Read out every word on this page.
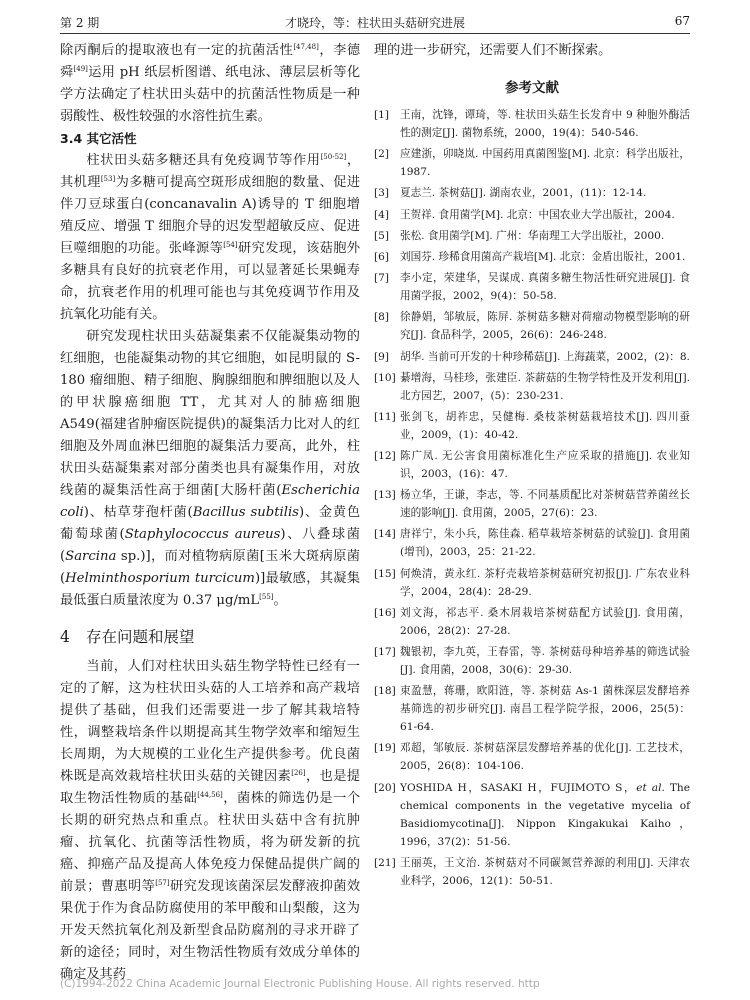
第 2 期	才晓玲，等：柱状田头菇研究进展	67

除丙酮后的提取液也有一定的抗菌活性[47,48]，李德舜[49]运用 pH 纸层析图谱、纸电泳、薄层层析等化学方法确定了柱状田头菇中的抗菌活性物质是一种弱酸性、极性较强的水溶性抗生素。

3.4 其它活性

柱状田头菇多糖还具有免疫调节等作用[50-52]，其机理[53]为多糖可提高空斑形成细胞的数量、促进伴刀豆球蛋白(concanavalin A)诱导的 T 细胞增殖反应、增强 T 细胞介导的迟发型超敏反应、促进巨噬细胞的功能。张峰源等[54]研究发现，该菇胞外多糖具有良好的抗衰老作用，可以显著延长果蝇寿命，抗衰老作用的机理可能也与其免疫调节作用及抗氧化功能有关。

研究发现柱状田头菇凝集素不仅能凝集动物的红细胞，也能凝集动物的其它细胞，如昆明鼠的 S-180 瘤细胞、精子细胞、胸腺细胞和脾细胞以及人的甲状腺癌细胞 TT，尤其对人的肺癌细胞 A549(福建省肿瘤医院提供)的凝集活力比对人的红细胞及外周血淋巴细胞的凝集活力要高，此外，柱状田头菇凝集素对部分菌类也具有凝集作用，对放线菌的凝集活性高于细菌[大肠杆菌(Escherichia coli)、枯草芽孢杆菌(Bacillus subtilis)、金黄色葡萄球菌(Staphylococcus aureus)、八叠球菌(Sarcina sp.)]，而对植物病原菌[玉米大斑病原菌(Helminthosporium turcicum)]最敏感，其凝集最低蛋白质量浓度为 0.37 μg/mL[55]。

4 存在问题和展望

当前，人们对柱状田头菇生物学特性已经有一定的了解，这为柱状田头菇的人工培养和高产栽培提供了基础，但我们还需要进一步了解其栽培特性，调整栽培条件以期提高其生物学效率和缩短生长周期，为大规模的工业化生产提供参考。优良菌株既是高效栽培柱状田头菇的关键因素[26]，也是提取生物活性物质的基础[44,56]，菌株的筛选仍是一个长期的研究热点和重点。柱状田头菇中含有抗肿瘤、抗氧化、抗菌等活性物质，将为研发新的抗癌、抑癌产品及提高人体免疫力保健品提供广阔的前景；曹惠明等[57]研究发现该菌深层发酵液抑菌效果优于作为食品防腐使用的苯甲酸和山梨酸，这为开发天然抗氧化剂及新型食品防腐剂的寻求开辟了新的途径；同时，对生物活性物质有效成分单体的确定及其药

理的进一步研究，还需要人们不断探索。

参考文献
[1] 王南，沈锋，谭琦，等. 柱状田头菇生长发育中 9 种胞外酶活性的测定[J]. 菌物系统，2000，19(4)：540-546.
[2] 应建浙，卯晓岚. 中国药用真菌图鉴[M]. 北京：科学出版社，1987.
[3] 夏志兰. 茶树菇[J]. 湖南农业，2001，(11)：12-14.
[4] 王贺祥. 食用菌学[M]. 北京：中国农业大学出版社，2004.
[5] 张松. 食用菌学[M]. 广州：华南理工大学出版社，2000.
[6] 刘国芬. 珍稀食用菌高产栽培[M]. 北京：金盾出版社，2001.
[7] 李小定，荣建华，吴谋成. 真菌多糖生物活性研究进展[J]. 食用菌学报，2002，9(4)：50-58.
[8] 徐静娟，邹敏辰，陈屏. 茶树菇多糖对荷瘤动物模型影响的研究[J]. 食品科学，2005，26(6)：246-248.
[9] 胡华. 当前可开发的十种珍稀菇[J]. 上海蔬菜，2002，(2)：8.
[10] 綦增海，马桂珍，张建臣. 茶薪菇的生物学特性及开发利用[J]. 北方园艺，2007，(5)：230-231.
[11] 张剑飞，胡祚忠，吴健梅. 桑枝茶树菇栽培技术[J]. 四川蚕业，2009，(1)：40-42.
[12] 陈广凤. 无公害食用菌标准化生产应采取的措施[J]. 农业知识，2003，(16)：47.
[13] 杨立华，王谦，李志，等. 不同基质配比对茶树菇营养菌丝长速的影响[J]. 食用菌，2005，27(6)：23.
[14] 唐祥宁，朱小兵，陈佳森. 稻草栽培茶树菇的试验[J]. 食用菌(增刊)，2003，25：21-22.
[15] 何焕清，黄永红. 茶籽壳栽培茶树菇研究初报[J]. 广东农业科学，2004，28(4)：28-29.
[16] 刘文海，祁志平. 桑木屑栽培茶树菇配方试验[J]. 食用菌，2006，28(2)：27-28.
[17] 魏银初，李九英，王春雷，等. 茶树菇母种培养基的筛选试验[J]. 食用菌，2008，30(6)：29-30.
[18] 束盈慧，蒋珊，欧阳涟，等. 茶树菇 As-1 菌株深层发酵培养基筛选的初步研究[J]. 南昌工程学院学报，2006，25(5)：61-64.
[19] 邓超，邹敏辰. 茶树菇深层发酵培养基的优化[J]. 工艺技术，2005，26(8)：104-106.
[20] YOSHIDA H，SASAKI H，FUJIMOTO S，et al. The chemical components in the vegetative mycelia of Basidiomycotina[J]. Nippon Kingakukai Kaiho，1996，37(2)：51-56.
[21] 王丽英，王文治. 茶树菇对不同碳氮营养源的利用[J]. 天津农业科学，2006，12(1)：50-51.
(C)1994-2022 China Academic Journal Electronic Publishing House. All rights reserved. http
